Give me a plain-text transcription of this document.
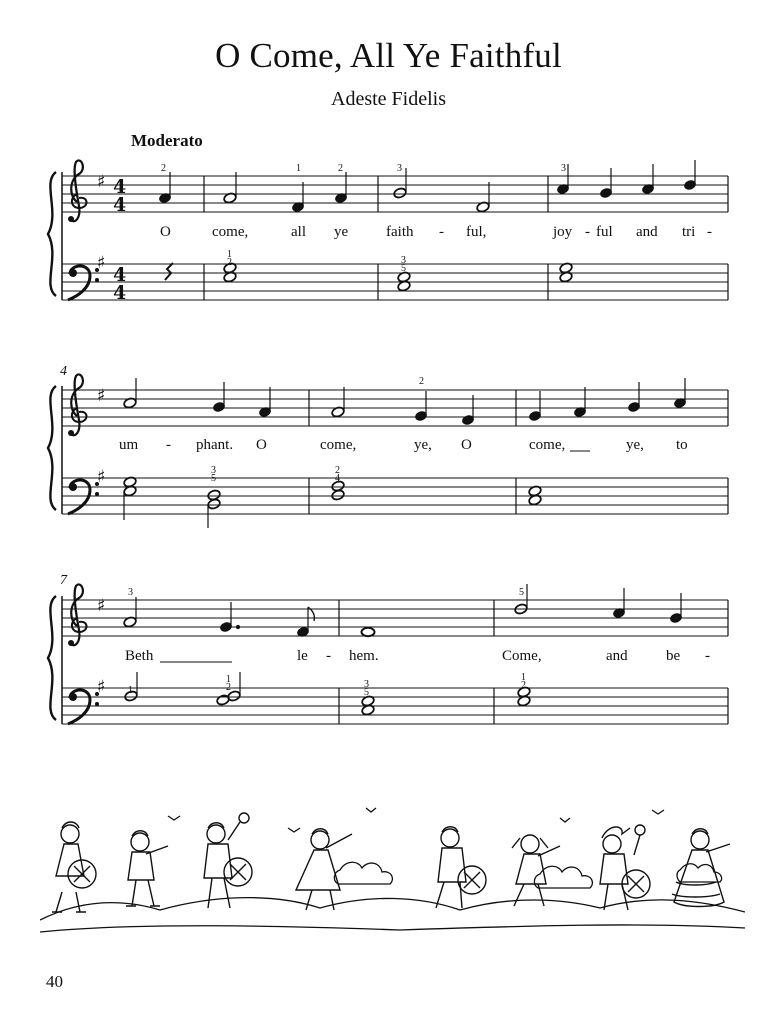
O Come, All Ye Faithful
Adeste Fidelis
Moderato
♯
♯
4
4
4
4
2	1	2	3	3
O	come,	all ye	faith - ful,	joy - ful and tri -
1
2	3
5
4
♯
♯
2
um - phant. O	come,	ye, O	come,	ye, to
3
5
2
4
7
♯
♯
3	5
Beth	le - hem.	Come,	and	be -
1
1
2	3
5
1
2
40
